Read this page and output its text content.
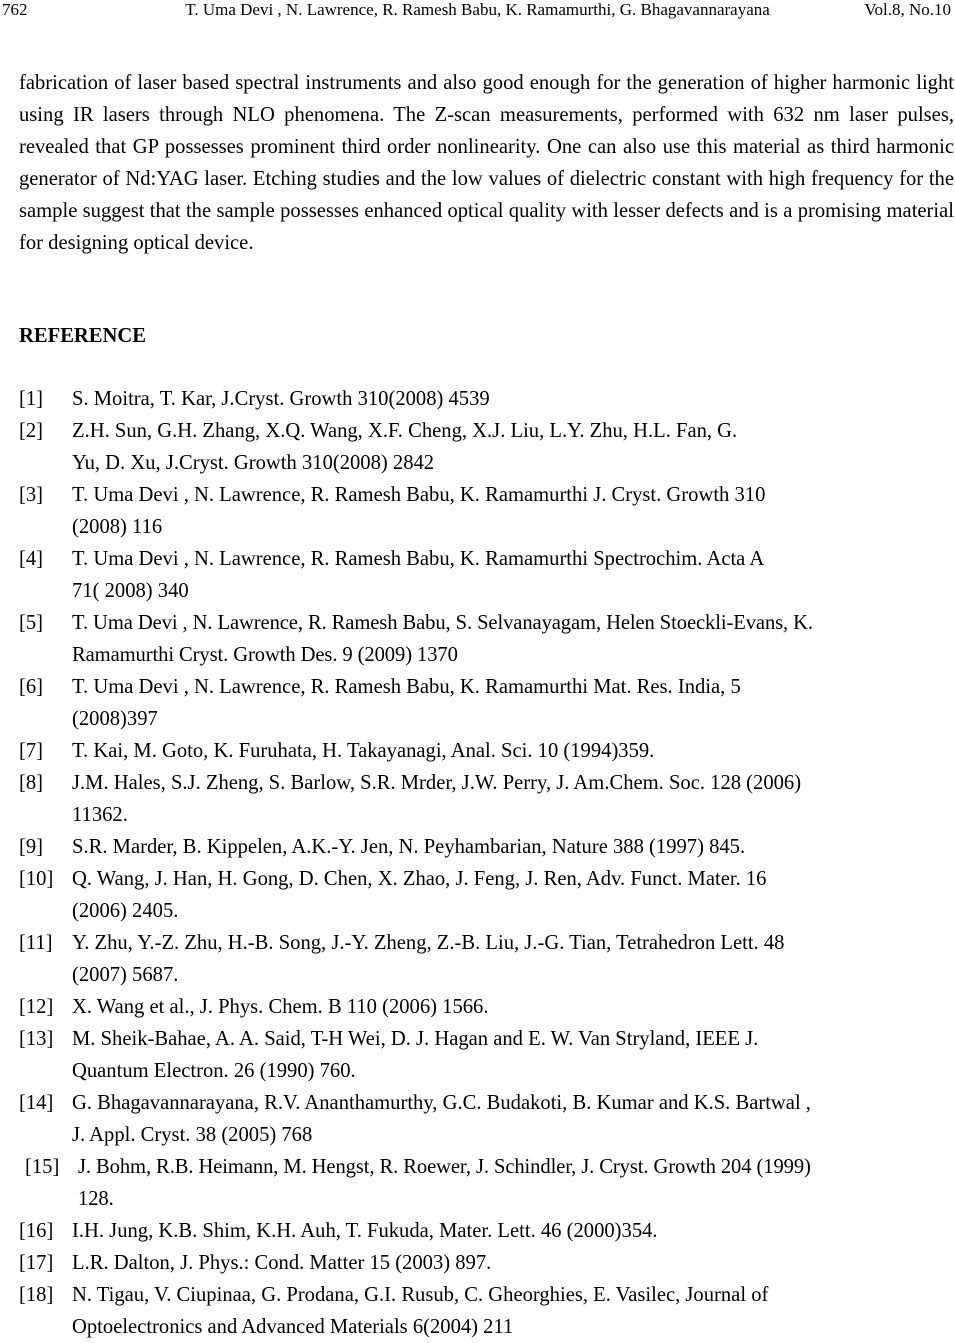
762	T. Uma Devi , N. Lawrence, R. Ramesh Babu, K. Ramamurthi, G. Bhagavannarayana	Vol.8, No.10

fabrication of laser based spectral instruments and also good enough for the generation of higher harmonic light using IR lasers through NLO phenomena. The Z-scan measurements, performed with 632 nm laser pulses, revealed that GP possesses prominent third order nonlinearity. One can also use this material as third harmonic generator of Nd:YAG laser. Etching studies and the low values of dielectric constant with high frequency for the sample suggest that the sample possesses enhanced optical quality with lesser defects and is a promising material for designing optical device.

REFERENCE
[1] S. Moitra, T. Kar, J.Cryst. Growth 310(2008) 4539
[2] Z.H. Sun, G.H. Zhang, X.Q. Wang, X.F. Cheng, X.J. Liu, L.Y. Zhu, H.L. Fan, G.
Yu, D. Xu, J.Cryst. Growth 310(2008) 2842
[3] T. Uma Devi , N. Lawrence, R. Ramesh Babu, K. Ramamurthi J. Cryst. Growth 310
(2008) 116
[4] T. Uma Devi , N. Lawrence, R. Ramesh Babu, K. Ramamurthi Spectrochim. Acta A
71( 2008) 340
[5] T. Uma Devi , N. Lawrence, R. Ramesh Babu, S. Selvanayagam, Helen Stoeckli-Evans, K.
Ramamurthi Cryst. Growth Des. 9 (2009) 1370
[6] T. Uma Devi , N. Lawrence, R. Ramesh Babu, K. Ramamurthi Mat. Res. India, 5
(2008)397
[7] T. Kai, M. Goto, K. Furuhata, H. Takayanagi, Anal. Sci. 10 (1994)359.
[8] J.M. Hales, S.J. Zheng, S. Barlow, S.R. Mrder, J.W. Perry, J. Am.Chem. Soc. 128 (2006)
11362.
[9] S.R. Marder, B. Kippelen, A.K.-Y. Jen, N. Peyhambarian, Nature 388 (1997) 845.
[10] Q. Wang, J. Han, H. Gong, D. Chen, X. Zhao, J. Feng, J. Ren, Adv. Funct. Mater. 16
(2006) 2405.
[11] Y. Zhu, Y.-Z. Zhu, H.-B. Song, J.-Y. Zheng, Z.-B. Liu, J.-G. Tian, Tetrahedron Lett. 48
(2007) 5687.
[12] X. Wang et al., J. Phys. Chem. B 110 (2006) 1566.
[13] M. Sheik-Bahae, A. A. Said, T-H Wei, D. J. Hagan and E. W. Van Stryland, IEEE J.
Quantum Electron. 26 (1990) 760.
[14] G. Bhagavannarayana, R.V. Ananthamurthy, G.C. Budakoti, B. Kumar and K.S. Bartwal ,
J. Appl. Cryst. 38 (2005) 768
[15] J. Bohm, R.B. Heimann, M. Hengst, R. Roewer, J. Schindler, J. Cryst. Growth 204 (1999)
128.
[16] I.H. Jung, K.B. Shim, K.H. Auh, T. Fukuda, Mater. Lett. 46 (2000)354.
[17] L.R. Dalton, J. Phys.: Cond. Matter 15 (2003) 897.
[18] N. Tigau, V. Ciupinaa, G. Prodana, G.I. Rusub, C. Gheorghies, E. Vasilec, Journal of
Optoelectronics and Advanced Materials 6(2004) 211
